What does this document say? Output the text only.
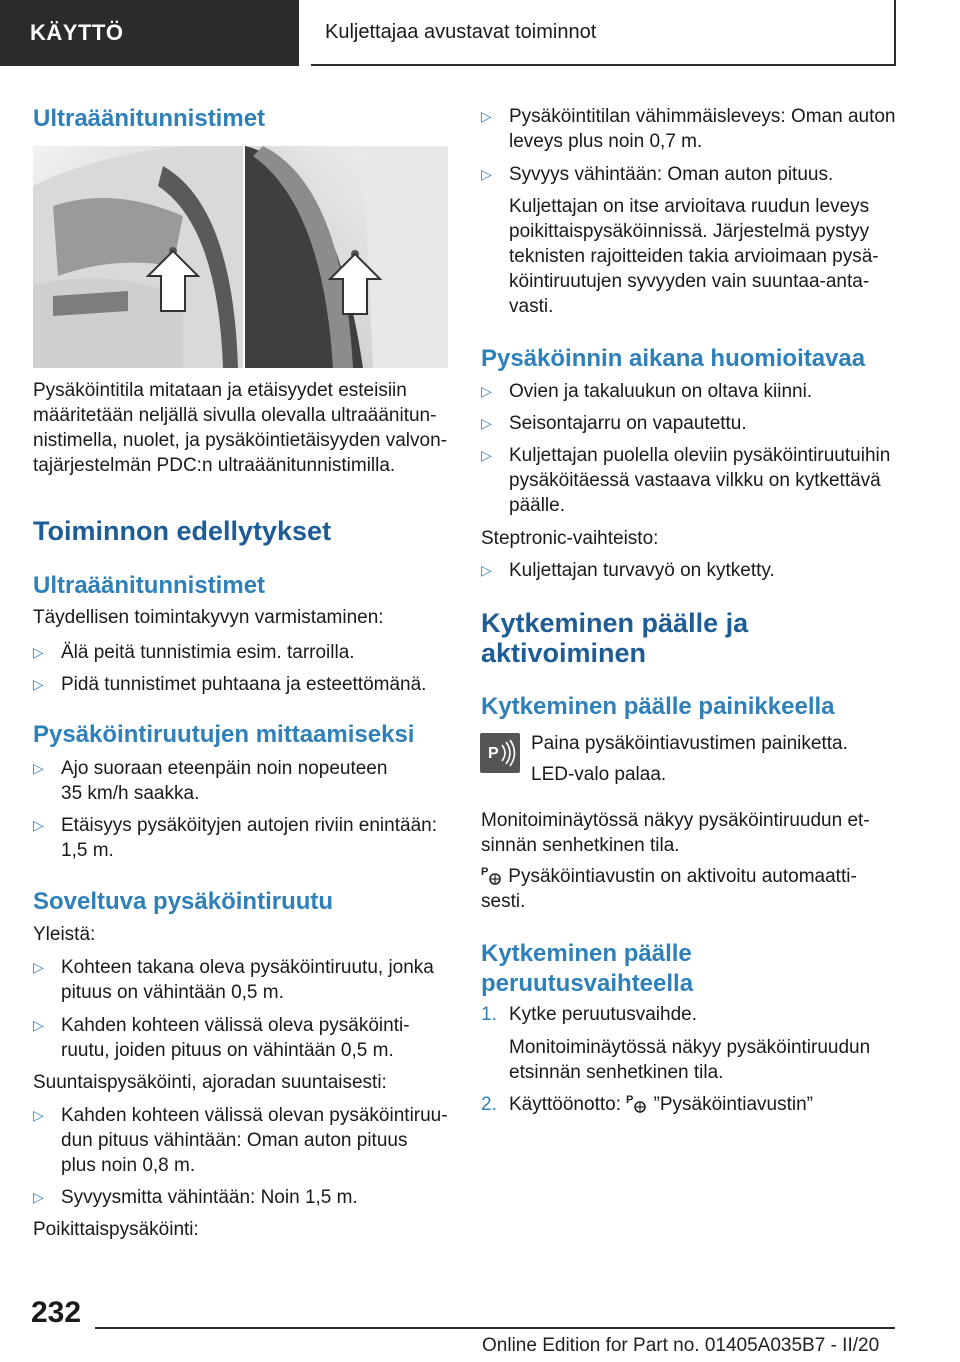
KÄYTTÖ	Kuljettajaa avustavat toiminnot
Ultraäänitunnistimet

Pysäköintitila mitataan ja etäisyydet esteisiin

määritetään neljällä sivulla olevalla ultraäänitun-

nistimella, nuolet, ja pysäköintietäisyyden valvon-

tajärjestelmän PDC:n ultraäänitunnistimilla.

Toiminnon edellytykset
Ultraäänitunnistimet

Täydellisen toimintakyvyn varmistaminen:

▷ Älä peitä tunnistimia esim. tarroilla.
▷ Pidä tunnistimet puhtaana ja esteettömänä.
Pysäköintiruutujen mittaamiseksi
▷ Ajo suoraan eteenpäin noin nopeuteen
35 km/h saakka.
▷ Etäisyys pysäköityjen autojen riviin enintään:
1,5 m.
Soveltuva pysäköintiruutu

Yleistä:

▷ Kohteen takana oleva pysäköintiruutu, jonka
pituus on vähintään 0,5 m.
▷ Kahden kohteen välissä oleva pysäköinti-
ruutu, joiden pituus on vähintään 0,5 m.

Suuntaispysäköinti, ajoradan suuntaisesti:

▷ Kahden kohteen välissä olevan pysäköintiruu-
dun pituus vähintään: Oman auton pituus
plus noin 0,8 m.
▷ Syvyysmitta vähintään: Noin 1,5 m.

Poikittaispysäköinti:

▷ Pysäköintitilan vähimmäisleveys: Oman auton
leveys plus noin 0,7 m.
▷ Syvyys vähintään: Oman auton pituus.

Kuljettajan on itse arvioitava ruudun leveys

poikittaispysäköinnissä. Järjestelmä pystyy

teknisten rajoitteiden takia arvioimaan pysä-

köintiruutujen syvyyden vain suuntaa-anta-

vasti.

Pysäköinnin aikana huomioitavaa
▷ Ovien ja takaluukun on oltava kiinni.
▷ Seisontajarru on vapautettu.
▷ Kuljettajan puolella oleviin pysäköintiruutuihin
pysäköitäessä vastaava vilkku on kytkettävä
päälle.

Steptronic-vaihteisto:

▷ Kuljettajan turvavyö on kytketty.
Kytkeminen päälle ja
aktivoiminen
Kytkeminen päälle painikkeella

Paina pysäköintiavustimen painiketta.

LED-valo palaa.

Monitoiminäytössä näkyy pysäköintiruudun et-

sinnän senhetkinen tila.

P Pysäköintiavustin on aktivoitu automaatti-

sesti.

Kytkeminen päälle
peruutusvaihteella
1. Kytke peruutusvaihde.

Monitoiminäytössä näkyy pysäköintiruudun

etsinnän senhetkinen tila.

2. Käyttöönotto: P ”Pysäköintiavustin”
P
232
Online Edition for Part no. 01405A035B7 - II/20
